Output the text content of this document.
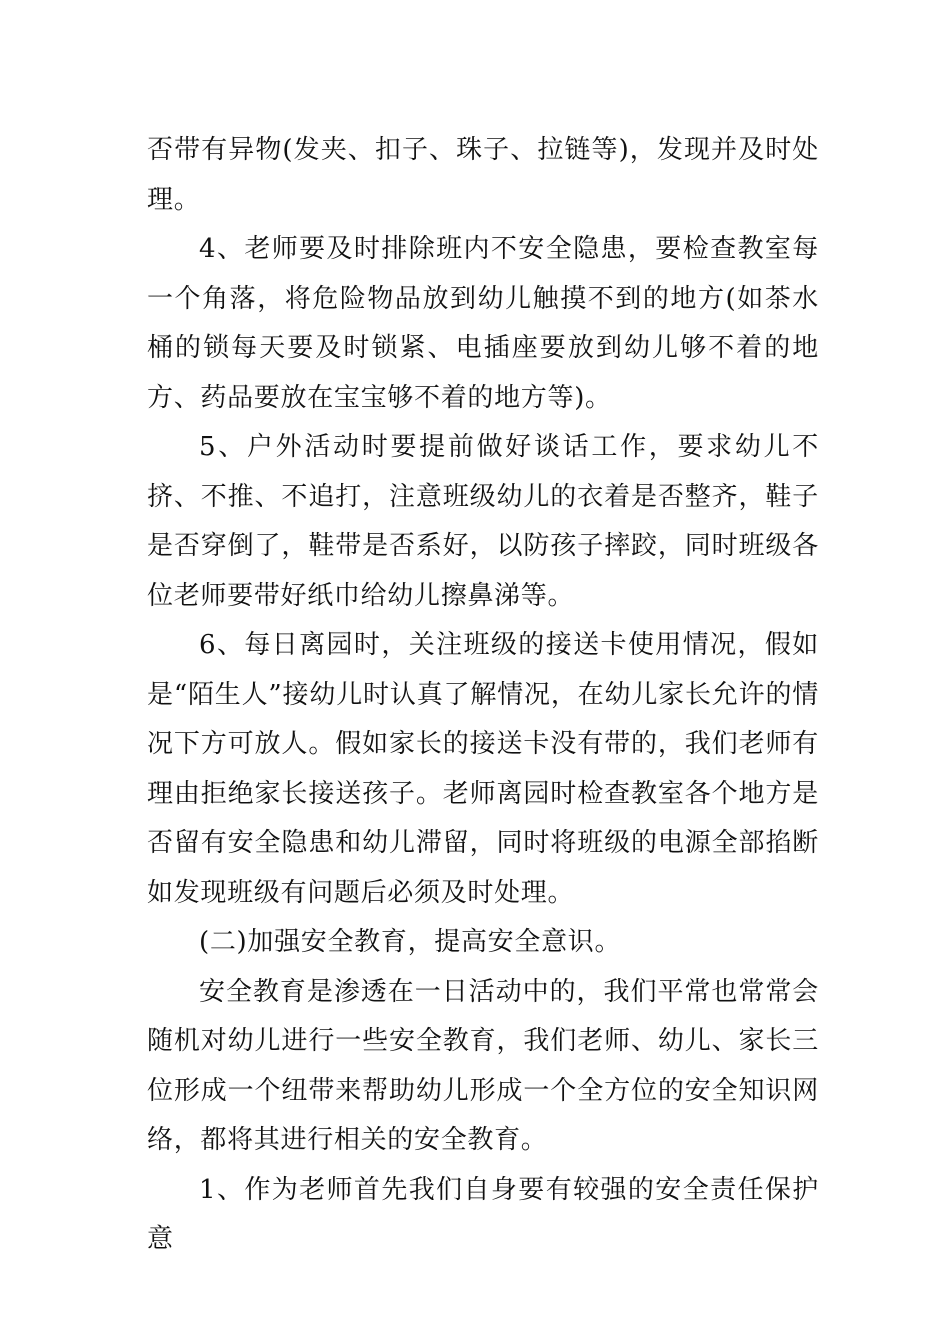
否带有异物(发夹、扣子、珠子、拉链等)，发现并及时处理。

4、老师要及时排除班内不安全隐患，要检查教室每一个角落，将危险物品放到幼儿触摸不到的地方(如茶水桶的锁每天要及时锁紧、电插座要放到幼儿够不着的地方、药品要放在宝宝够不着的地方等)。

5、户外活动时要提前做好谈话工作，要求幼儿不挤、不推、不追打，注意班级幼儿的衣着是否整齐，鞋子是否穿倒了，鞋带是否系好，以防孩子摔跤，同时班级各位老师要带好纸巾给幼儿擦鼻涕等。

6、每日离园时，关注班级的接送卡使用情况，假如是“陌生人”接幼儿时认真了解情况，在幼儿家长允许的情况下方可放人。假如家长的接送卡没有带的，我们老师有理由拒绝家长接送孩子。老师离园时检查教室各个地方是否留有安全隐患和幼儿滞留，同时将班级的电源全部掐断如发现班级有问题后必须及时处理。

(二)加强安全教育，提高安全意识。

安全教育是渗透在一日活动中的，我们平常也常常会随机对幼儿进行一些安全教育，我们老师、幼儿、家长三位形成一个纽带来帮助幼儿形成一个全方位的安全知识网络，都将其进行相关的安全教育。

1、作为老师首先我们自身要有较强的安全责任保护意
